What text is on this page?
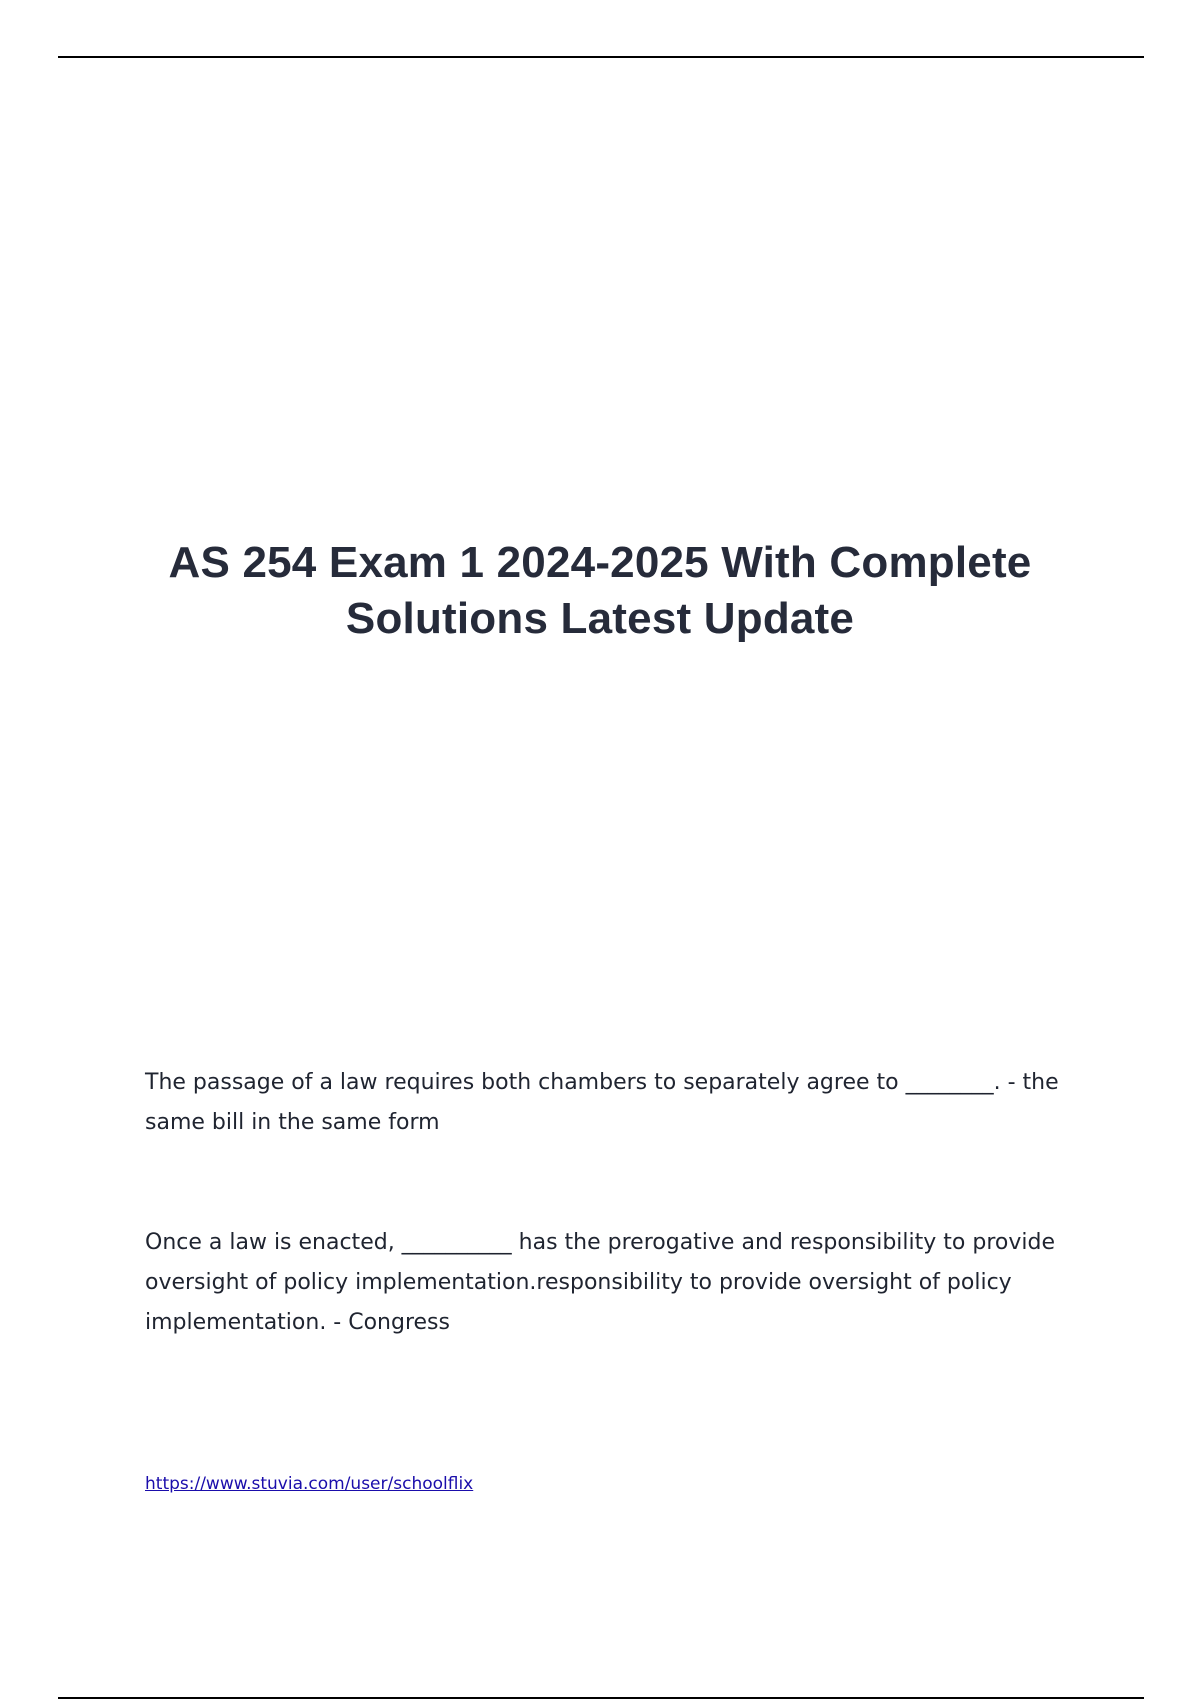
AS 254 Exam 1 2024-2025 With Complete
Solutions Latest Update

The passage of a law requires both chambers to separately agree to ________. - the same bill in the same form

Once a law is enacted, __________ has the prerogative and responsibility to provide oversight of policy implementation.responsibility to provide oversight of policy implementation. - Congress

https://www.stuvia.com/user/schoolflix
